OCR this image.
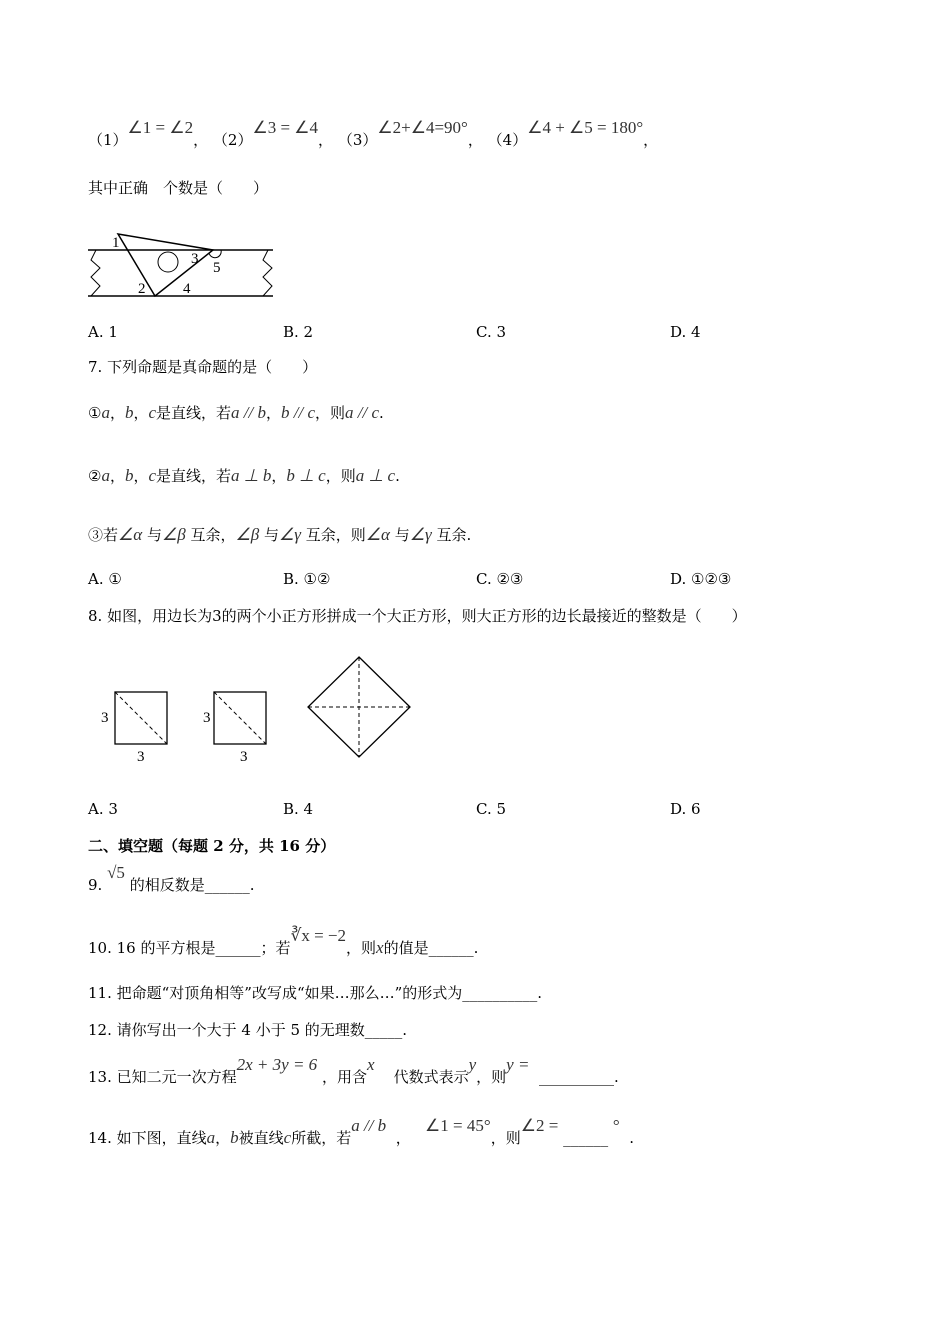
（1）∠1 = ∠2， （2）∠3 = ∠4， （3）∠2+∠4=90°， （4）∠4 + ∠5 = 180°，
其中正确　个数是（　　）
1
2
3
4
5
A. 1	B. 2	C. 3	D. 4
7. 下列命题是真命题的是（　　）
①a，b，c是直线，若a // b，b // c，则a // c.
②a，b，c是直线，若a ⊥ b，b ⊥ c，则a ⊥ c.
③若∠α 与∠β 互余，∠β 与∠γ 互余，则∠α 与∠γ 互余.
A. ①	B. ①②	C. ②③	D. ①②③
8. 如图，用边长为3的两个小正方形拼成一个大正方形，则大正方形的边长最接近的整数是（　　）
3
3
3
3
A. 3	B. 4	C. 5	D. 6
二、填空题（每题 2 分，共 16 分）
9. √5 的相反数是______.
10. 16 的平方根是______；若∛x = −2，则x的值是______.
11. 把命题“对顶角相等”改写成“如果…那么…”的形式为__________.
12. 请你写出一个大于 4 小于 5 的无理数_____.
13. 已知二元一次方程2x + 3y = 6 ，用含x    代数式表示y，则y =  __________.
14. 如下图，直线a，b被直线c所截，若a // b  ，   ∠1 = 45°，则∠2 = ______ °  .
